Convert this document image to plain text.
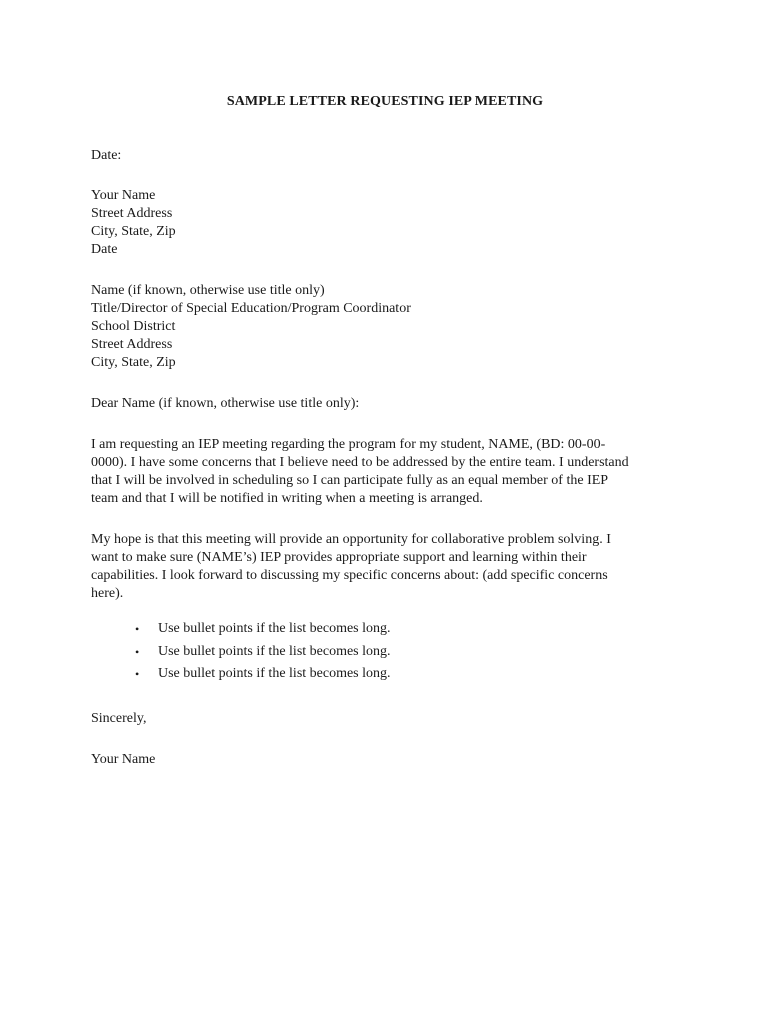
SAMPLE LETTER REQUESTING IEP MEETING
Date:
Your Name
Street Address
City, State, Zip
Date
Name (if known, otherwise use title only)
Title/Director of Special Education/Program Coordinator
School District
Street Address
City, State, Zip
Dear Name (if known, otherwise use title only):
I am requesting an IEP meeting regarding the program for my student, NAME, (BD: 00-00-
0000). I have some concerns that I believe need to be addressed by the entire team. I understand
that I will be involved in scheduling so I can participate fully as an equal member of the IEP
team and that I will be notified in writing when a meeting is arranged.
My hope is that this meeting will provide an opportunity for collaborative problem solving. I
want to make sure (NAME’s) IEP provides appropriate support and learning within their
capabilities. I look forward to discussing my specific concerns about: (add specific concerns
here).
• Use bullet points if the list becomes long.
• Use bullet points if the list becomes long.
• Use bullet points if the list becomes long.
Sincerely,
Your Name
